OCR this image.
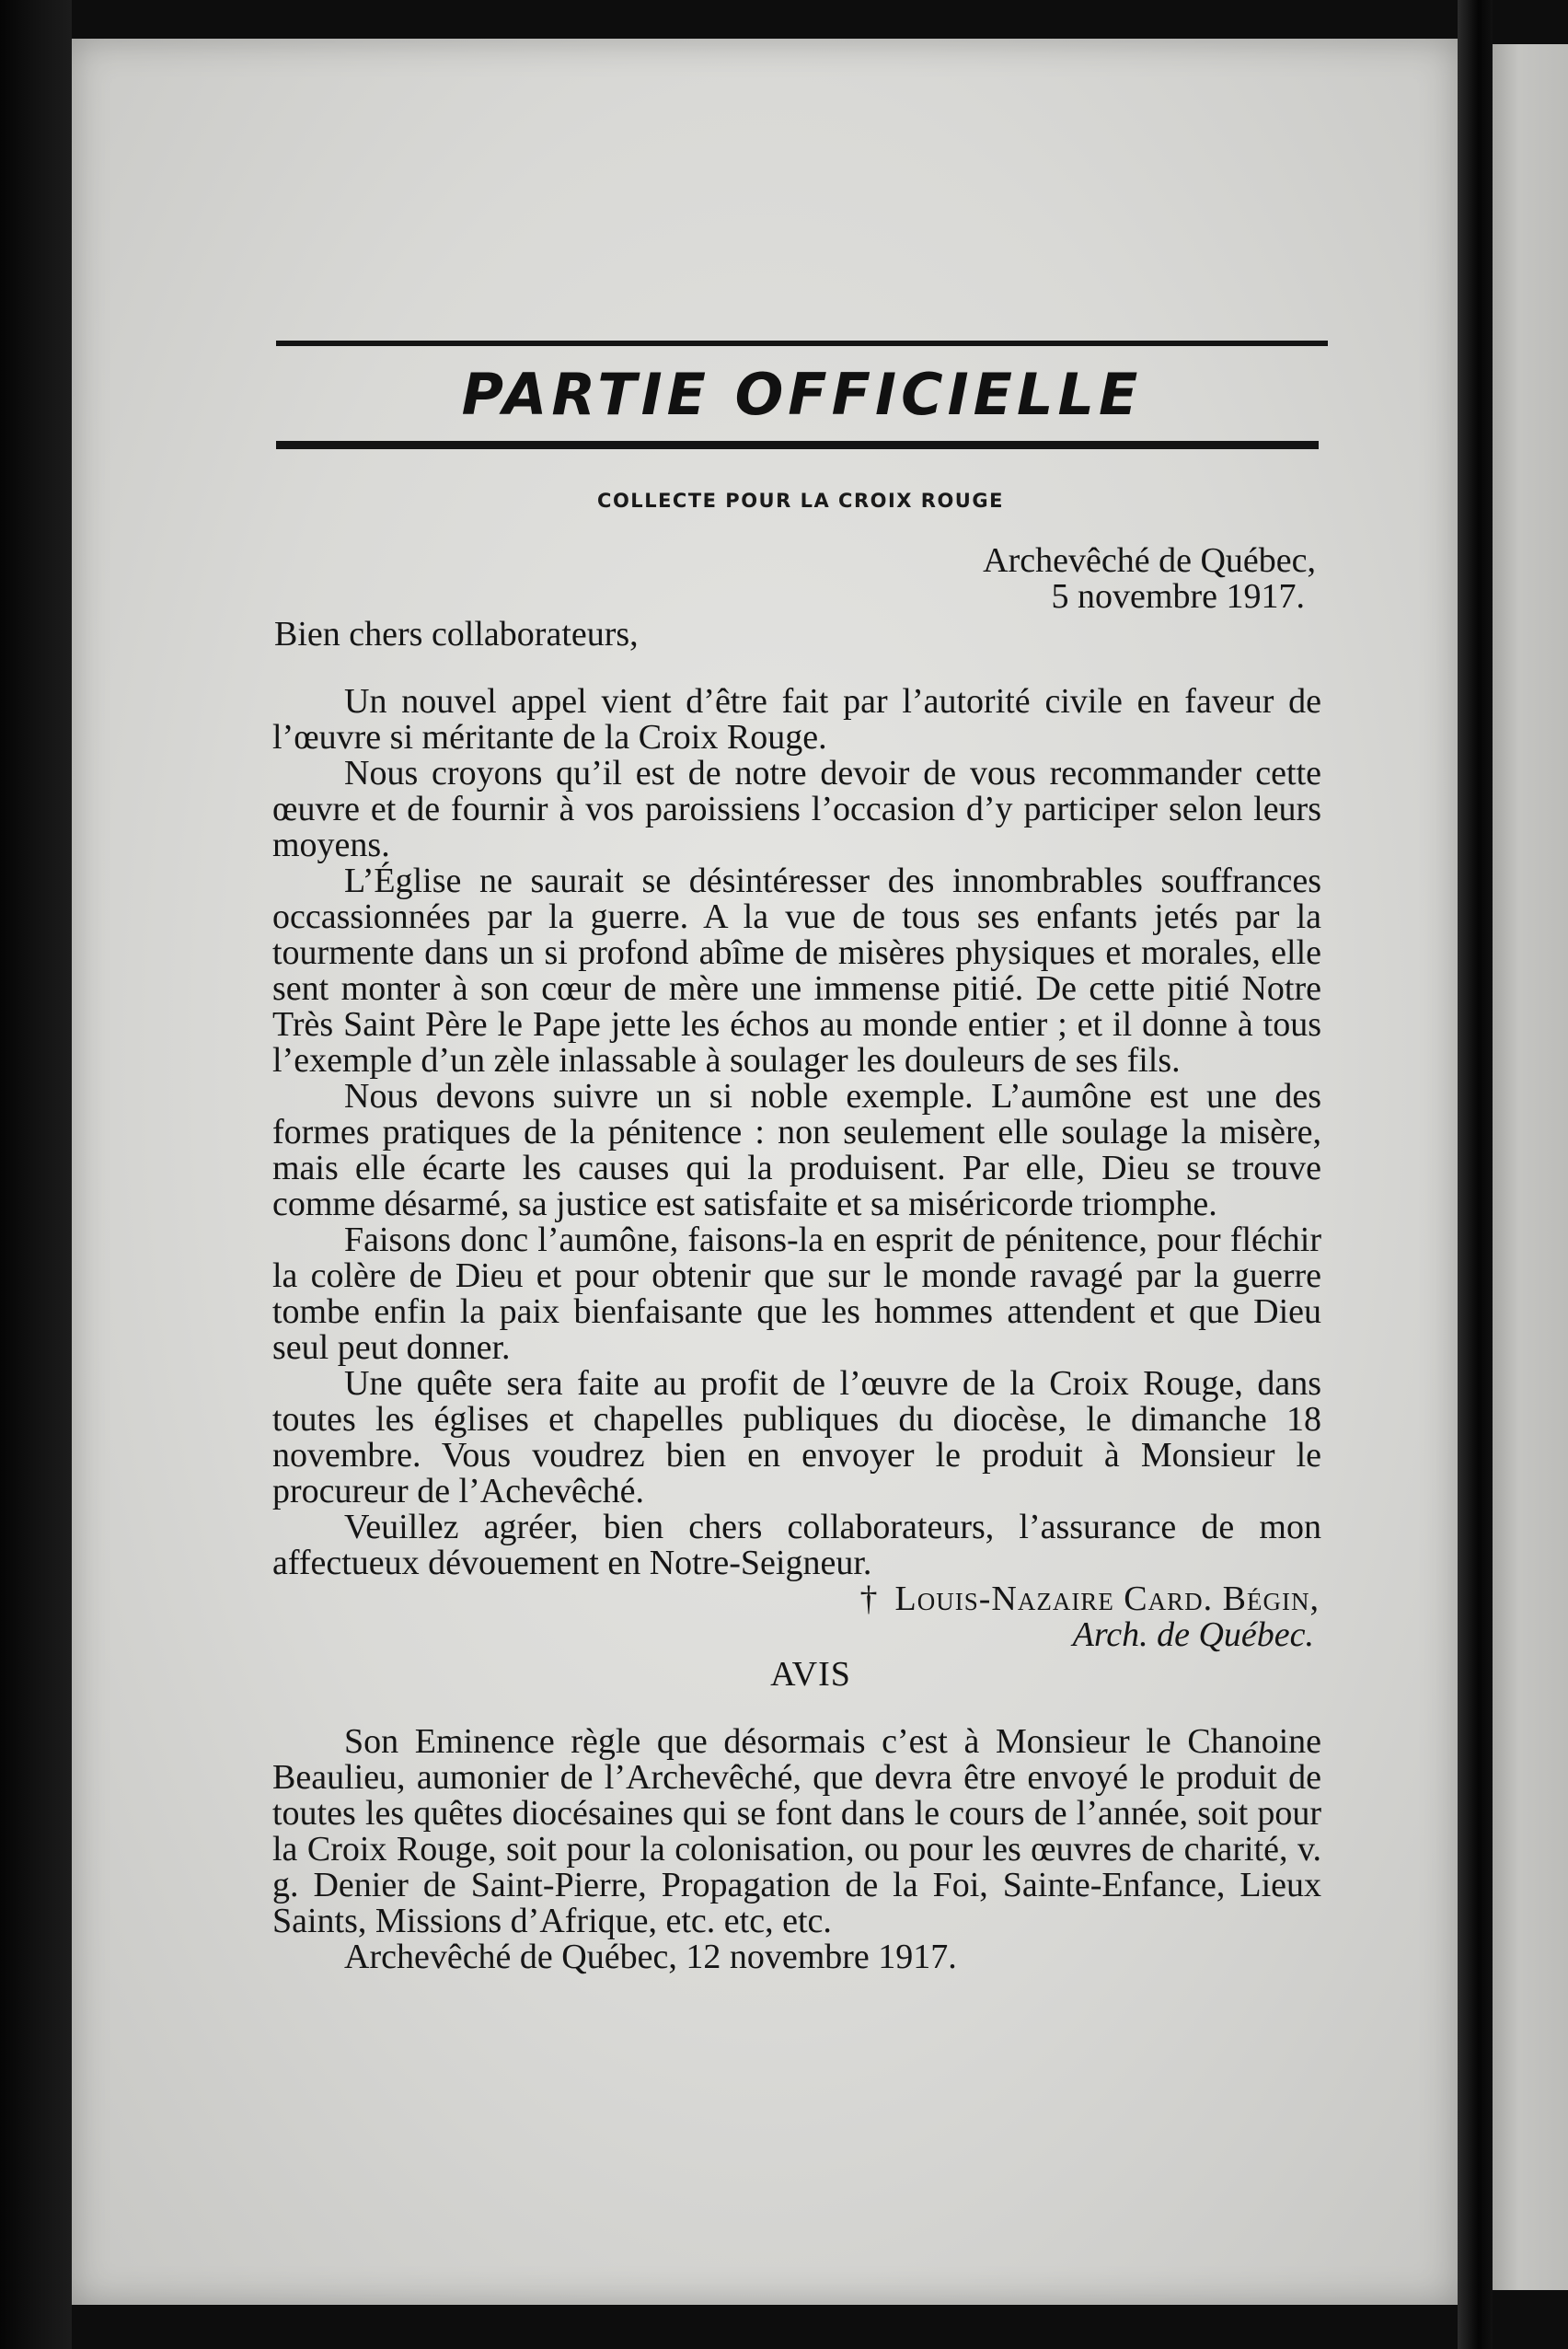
PARTIE OFFICIELLE
COLLECTE POUR LA CROIX ROUGE
Archevêché de Québec,
5 novembre 1917.
Bien chers collaborateurs,

Un nouvel appel vient d’être fait par l’autorité civile en faveur de l’œuvre si méritante de la Croix Rouge.

Nous croyons qu’il est de notre devoir de vous recommander cette œuvre et de fournir à vos paroissiens l’occasion d’y participer selon leurs moyens.

L’Église ne saurait se désintéresser des innombrables souffrances occassionnées par la guerre. A la vue de tous ses enfants jetés par la tourmente dans un si profond abîme de misères physiques et morales, elle sent monter à son cœur de mère une immense pitié. De cette pitié Notre Très Saint Père le Pape jette les échos au monde entier ; et il donne à tous l’exemple d’un zèle inlassable à soulager les douleurs de ses fils.

Nous devons suivre un si noble exemple. L’aumône est une des formes pratiques de la pénitence : non seulement elle soulage la misère, mais elle écarte les causes qui la produisent. Par elle, Dieu se trouve comme désarmé, sa justice est satisfaite et sa miséricorde triomphe.

Faisons donc l’aumône, faisons-la en esprit de pénitence, pour fléchir la colère de Dieu et pour obtenir que sur le monde ravagé par la guerre tombe enfin la paix bienfaisante que les hommes attendent et que Dieu seul peut donner.

Une quête sera faite au profit de l’œuvre de la Croix Rouge, dans toutes les églises et chapelles publiques du diocèse, le dimanche 18 novembre. Vous voudrez bien en envoyer le produit à Monsieur le procureur de l’Achevêché.

Veuillez agréer, bien chers collaborateurs, l’assurance de mon affectueux dévouement en Notre-Seigneur.

† Louis-Nazaire Card. Bégin,
Arch. de Québec.
AVIS

Son Eminence règle que désormais c’est à Monsieur le Chanoine Beaulieu, aumonier de l’Archevêché, que devra être envoyé le produit de toutes les quêtes diocésaines qui se font dans le cours de l’année, soit pour la Croix Rouge, soit pour la colonisation, ou pour les œuvres de charité, v. g. Denier de Saint-Pierre, Propagation de la Foi, Sainte-Enfance, Lieux Saints, Missions d’Afrique, etc. etc, etc.

Archevêché de Québec, 12 novembre 1917.
